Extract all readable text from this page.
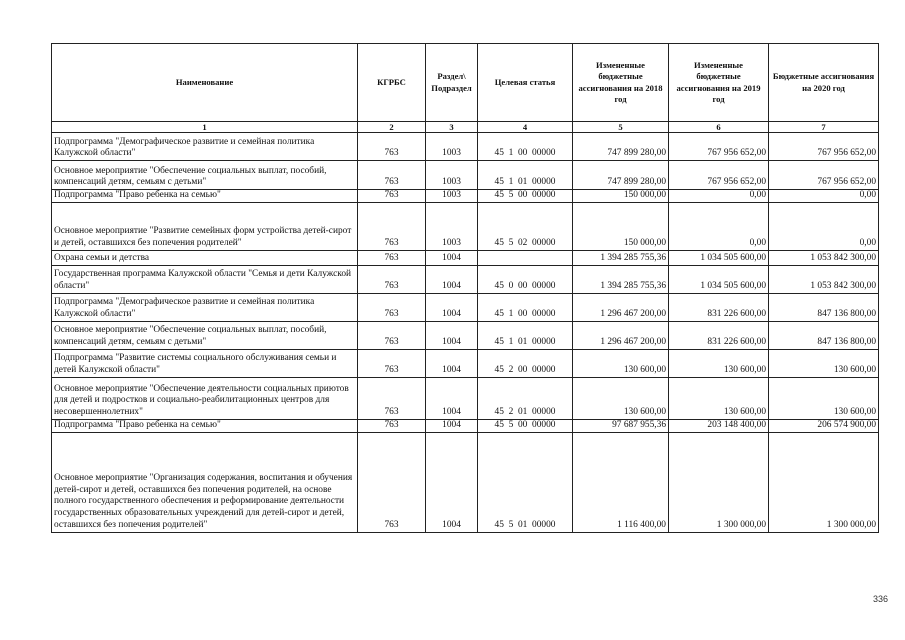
Наименование	КГРБС	Раздел\ Подраздел	Целевая статья	Измененные бюджетные ассигнования на 2018 год	Измененные бюджетные ассигнования на 2019 год	Бюджетные ассигнования на 2020 год
1	2	3	4	5	6	7
Подпрограмма "Демографическое развитие и семейная политика Калужской области"	763	1003	45  1  00  00000	747 899 280,00	767 956 652,00	767 956 652,00
Основное мероприятие "Обеспечение социальных выплат, пособий, компенсаций детям, семьям с детьми"	763	1003	45  1  01  00000	747 899 280,00	767 956 652,00	767 956 652,00
Подпрограмма "Право ребенка на семью"	763	1003	45  5  00  00000	150 000,00	0,00	0,00
Основное мероприятие "Развитие семейных форм устройства детей-сирот и детей, оставшихся без попечения родителей"	763	1003	45  5  02  00000	150 000,00	0,00	0,00
Охрана семьи и детства	763	1004		1 394 285 755,36	1 034 505 600,00	1 053 842 300,00
Государственная программа Калужской области "Семья и дети Калужской области"	763	1004	45  0  00  00000	1 394 285 755,36	1 034 505 600,00	1 053 842 300,00
Подпрограмма "Демографическое развитие и семейная политика Калужской области"	763	1004	45  1  00  00000	1 296 467 200,00	831 226 600,00	847 136 800,00
Основное мероприятие "Обеспечение социальных выплат, пособий, компенсаций детям, семьям с детьми"	763	1004	45  1  01  00000	1 296 467 200,00	831 226 600,00	847 136 800,00
Подпрограмма "Развитие системы социального обслуживания семьи и детей Калужской области"	763	1004	45  2  00  00000	130 600,00	130 600,00	130 600,00
Основное мероприятие "Обеспечение деятельности социальных приютов для детей и подростков и социально-реабилитационных центров для несовершеннолетних"	763	1004	45  2  01  00000	130 600,00	130 600,00	130 600,00
Подпрограмма "Право ребенка на семью"	763	1004	45  5  00  00000	97 687 955,36	203 148 400,00	206 574 900,00
Основное мероприятие "Организация содержания, воспитания и обучения детей-сирот и детей, оставшихся без попечения родителей, на основе полного государственного обеспечения и реформирование деятельности государственных образовательных учреждений для детей-сирот и детей, оставшихся без попечения родителей"	763	1004	45  5  01  00000	1 116 400,00	1 300 000,00	1 300 000,00
336
